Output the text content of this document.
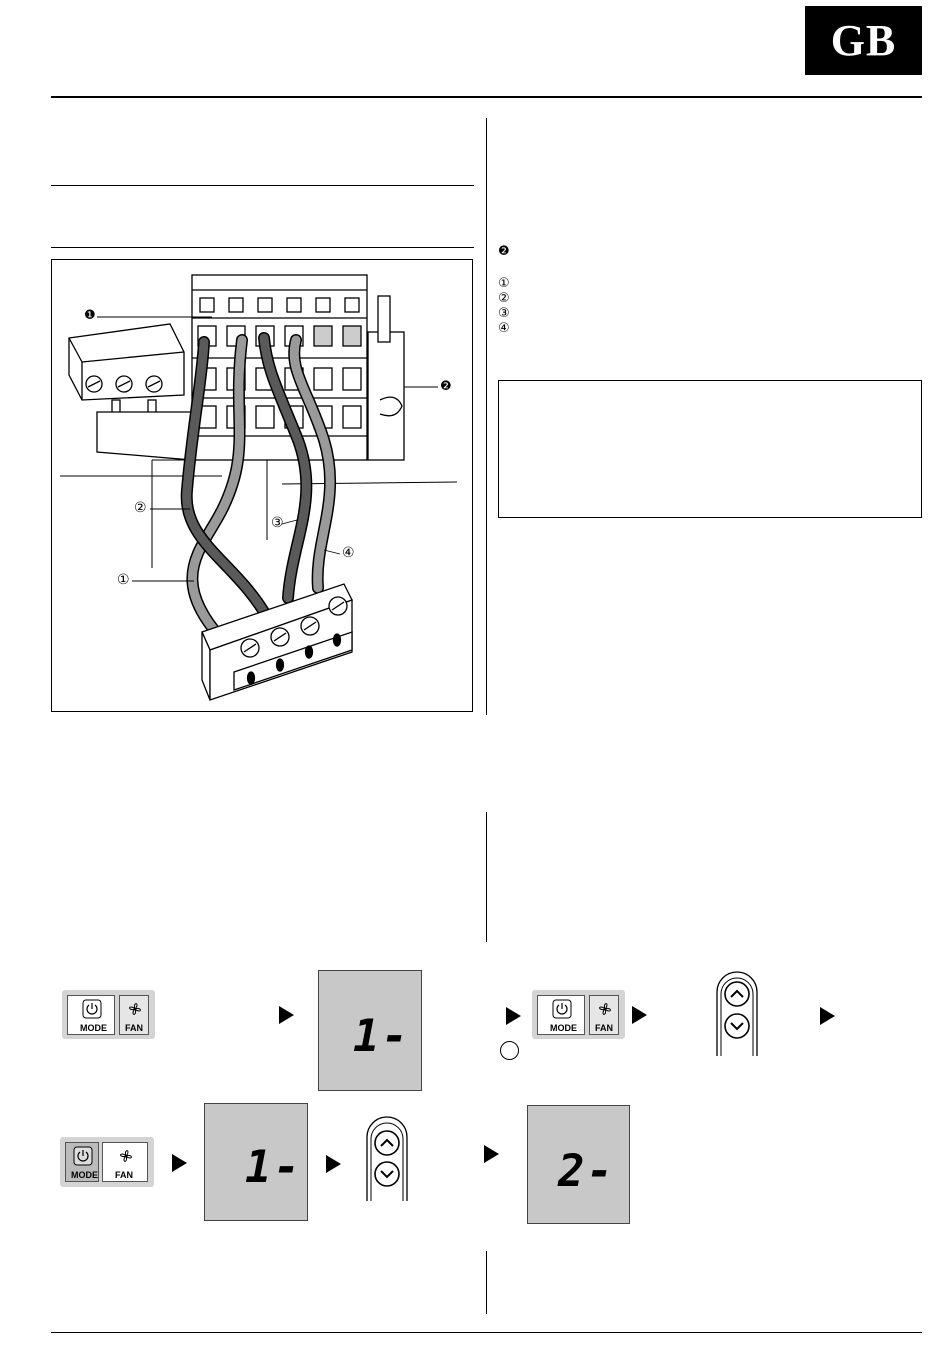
GB
❶
❷
②
③
④
①
❷
①
②
③
④
MODE FAN	1-	MODE FAN
MODE FAN	1-	2-
